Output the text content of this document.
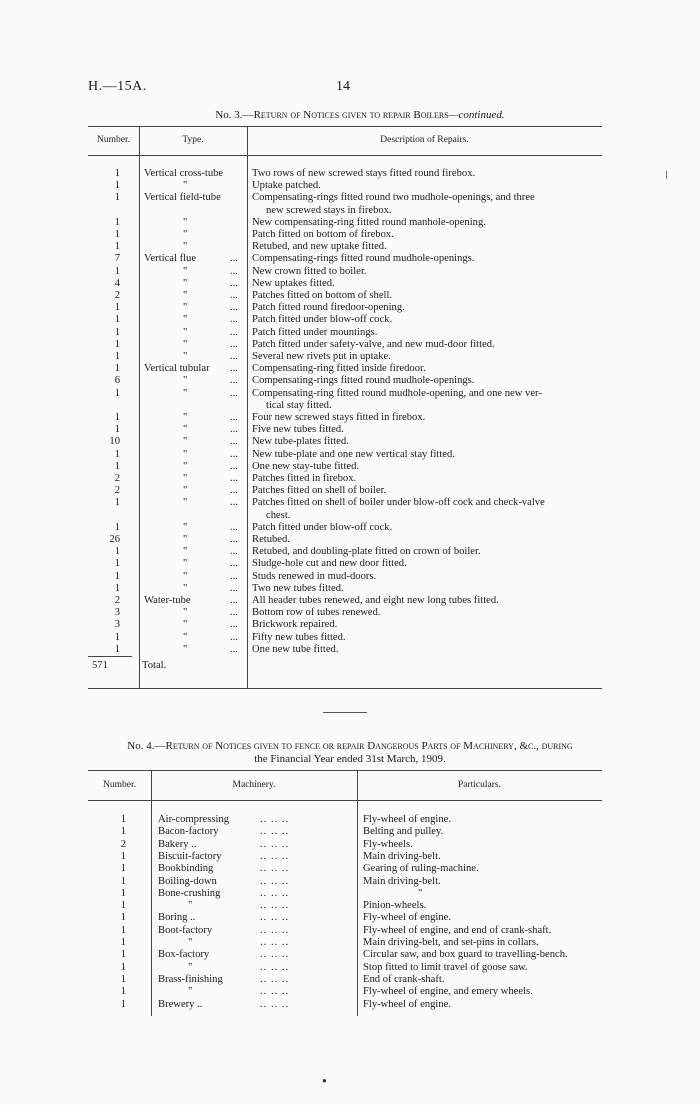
H.—15A.	14
No. 3.—Return of Notices given to repair Boilers—continued.
Number.	Type.	Description of Repairs.
1 Vertical cross-tube	Two rows of new screwed stays fitted round firebox.
1	"	Uptake patched.
1 Vertical field-tube	Compensating-rings fitted round two mudhole-openings, and three
new screwed stays in firebox.
1	"	New compensating-ring fitted round manhole-opening.
1	"	Patch fitted on bottom of firebox.
1	"	Retubed, and new uptake fitted.
7 Vertical flue	...	Compensating-rings fitted round mudhole-openings.
1	"	...	New crown fitted to boiler.
4	"	...	New uptakes fitted.
2	"	...	Patches fitted on bottom of shell.
1	"	...	Patch fitted round firedoor-opening.
1	"	...	Patch fitted under blow-off cock.
1	"	...	Patch fitted under mountings.
1	"	...	Patch fitted under safety-valve, and new mud-door fitted.
1	"	...	Several new rivets put in uptake.
1 Vertical tubular	...	Compensating-ring fitted inside firedoor.
6	"	...	Compensating-rings fitted round mudhole-openings.
1	"	...	Compensating-ring fitted round mudhole-opening, and one new ver-
tical stay fitted.
1	"	...	Four new screwed stays fitted in firebox.
1	"	...	Five new tubes fitted.
10	"	...	New tube-plates fitted.
1	"	...	New tube-plate and one new vertical stay fitted.
1	"	...	One new stay-tube fitted.
2	"	...	Patches fitted in firebox.
2	"	...	Patches fitted on shell of boiler.
1	"	...	Patches fitted on shell of boiler under blow-off cock and check-valve
chest.
1	"	...	Patch fitted under blow-off cock.
26	"	...	Retubed.
1	"	...	Retubed, and doubling-plate fitted on crown of boiler.
1	"	...	Sludge-hole cut and new door fitted.
1	"	...	Studs renewed in mud-doors.
1	"	...	Two new tubes fitted.
2 Water-tube	...	All header tubes renewed, and eight new long tubes fitted.
3	"	...	Bottom row of tubes renewed.
3	"	...	Brickwork repaired.
1	"	...	Fifty new tubes fitted.
1	"	...	One new tube fitted.
571	Total.
No. 4.—Return of Notices given to fence or repair Dangerous Parts of Machinery, &c., during
the Financial Year ended 31st March, 1909.
Number.	Machinery.	Particulars.
1	Air-compressing	.. .. ..	Fly-wheel of engine.
1	Bacon-factory	.. .. ..	Belting and pulley.
2	Bakery ..	.. .. ..	Fly-wheels.
1	Biscuit-factory	.. .. ..	Main driving-belt.
1	Bookbinding	.. .. ..	Gearing of ruling-machine.
1	Boiling-down	.. .. ..	Main driving-belt.
1	Bone-crushing	.. .. ..	"
1	"	.. .. ..	Pinion-wheels.
1	Boring ..	.. .. ..	Fly-wheel of engine.
1	Boot-factory	.. .. ..	Fly-wheel of engine, and end of crank-shaft.
1	"	.. .. ..	Main driving-belt, and set-pins in collars.
1	Box-factory	.. .. ..	Circular saw, and box guard to travelling-bench.
1	"	.. .. ..	Stop fitted to limit travel of goose saw.
1	Brass-finishing	.. .. ..	End of crank-shaft.
1	"	.. .. ..	Fly-wheel of engine, and emery wheels.
1	Brewery ..	.. .. ..	Fly-wheel of engine.
●
❘
